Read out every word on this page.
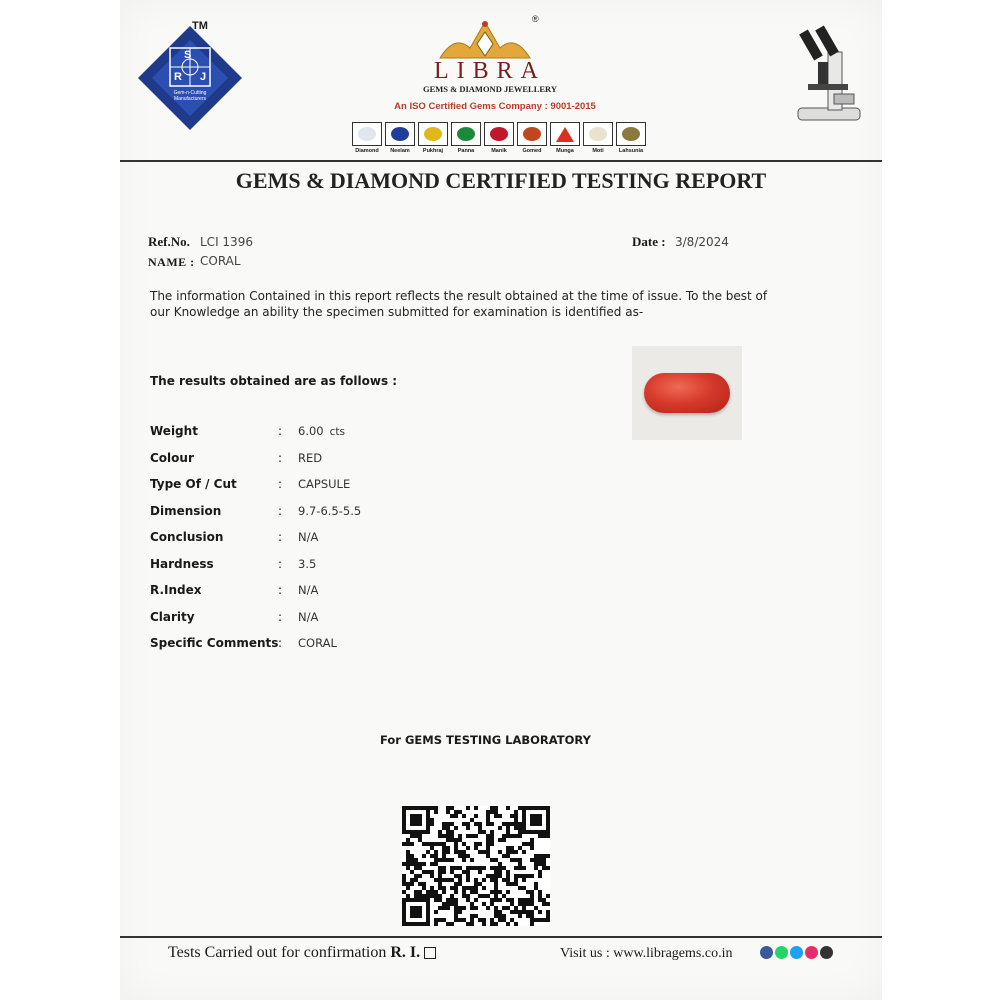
S
R J
Gem-n-Cutting Manufacturers
TM
®
LIBRA
GEMS & DIAMOND JEWELLERY
An ISO Certified Gems Company : 9001-2015
Diamond Neelam Pukhraj	Panna	Manik	Gomed	Munga	Moti	Lahsunia
GEMS & DIAMOND CERTIFIED TESTING REPORT
Ref.No. LCI 1396
NAME : CORAL
Date : 3/8/2024
The information Contained in this report reflects the result obtained at the time of issue. To the best of our Knowledge an ability the specimen submitted for examination is identified as-
The results obtained are as follows :
Weight	: 6.00 cts
Colour	: RED
Type Of / Cut	: CAPSULE
Dimension	: 9.7-6.5-5.5
Conclusion	: N/A
Hardness	: 3.5
R.Index	: N/A
Clarity	: N/A
Specific Comments : CORAL
For GEMS TESTING LABORATORY
Tests Carried out for confirmation R. I.	Visit us : www.libragems.co.in
